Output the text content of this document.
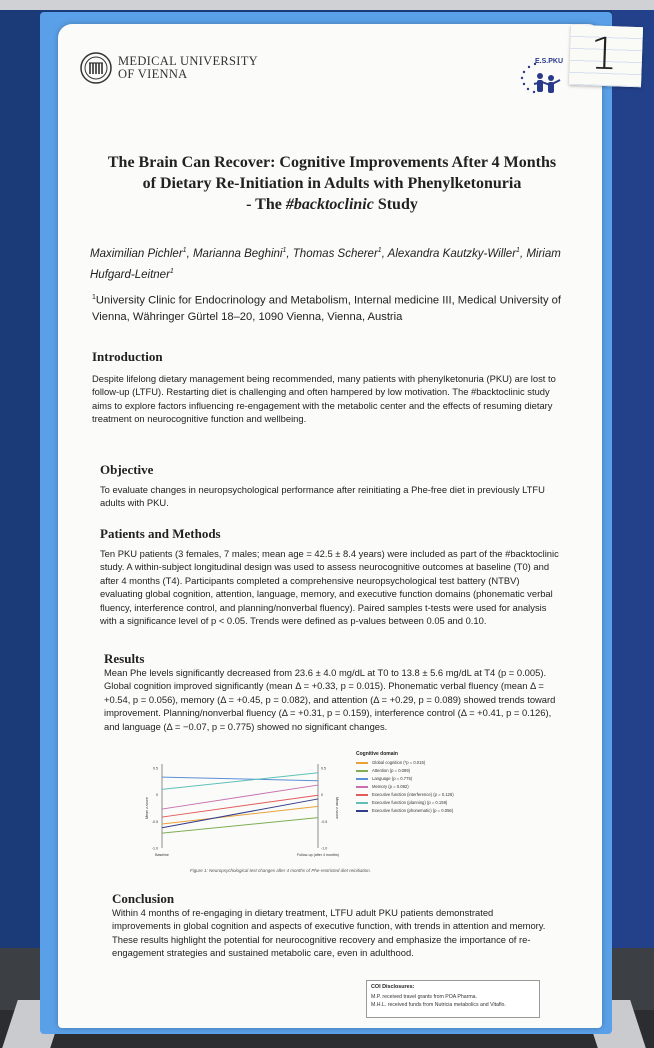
1
MEDICAL UNIVERSITY
OF VIENNA
E.S.PKU
The Brain Can Recover: Cognitive Improvements After 4 Months
of Dietary Re-Initiation in Adults with Phenylketonuria
- The #backtoclinic Study
Maximilian Pichler$^1$, Marianna Beghini$^1$, Thomas Scherer$^1$, Alexandra Kautzky-Willer$^1$, Miriam Hufgard-Leitner$^1$
$^1$University Clinic for Endocrinology and Metabolism, Internal medicine III, Medical University of Vienna, Währinger Gürtel 18–20, 1090 Vienna, Vienna, Austria
Introduction
Despite lifelong dietary management being recommended, many patients with phenylketonuria (PKU) are lost to follow-up (LTFU). Restarting diet is challenging and often hampered by low motivation. The #backtoclinic study aims to explore factors influencing re-engagement with the metabolic center and the effects of resuming dietary treatment on neurocognitive function and wellbeing.
Objective
To evaluate changes in neuropsychological performance after reinitiating a Phe-free diet in previously LTFU adults with PKU.
Patients and Methods
Ten PKU patients (3 females, 7 males; mean age = 42.5 ± 8.4 years) were included as part of the #backtoclinic study. A within-subject longitudinal design was used to assess neurocognitive outcomes at baseline (T0) and after 4 months (T4). Participants completed a comprehensive neuropsychological test battery (NTBV) evaluating global cognition, attention, language, memory, and executive function domains (phonematic verbal fluency, interference control, and planning/nonverbal fluency). Paired samples t-tests were used for analysis with a significance level of p < 0.05. Trends were defined as p-values between 0.05 and 0.10.
Results
Mean Phe levels significantly decreased from 23.6 ± 4.0 mg/dL at T0 to 13.8 ± 5.6 mg/dL at T4 (p = 0.005). Global cognition improved significantly (mean Δ = +0.33, p = 0.015). Phonematic verbal fluency (mean Δ = +0.54, p = 0.056), memory (Δ = +0.45, p = 0.082), and attention (Δ = +0.29, p = 0.089) showed trends toward improvement. Planning/nonverbal fluency (Δ = +0.31, p = 0.159), interference control (Δ = +0.41, p = 0.126), and language (Δ = −0.07, p = 0.775) showed no significant changes.
0.5	0.5
0	0
-0.5	-0.5
-1.0	-1.0
Mean z-score	Mean z-score
Baseline	Follow-up (after 4 months)
Cognitive domain
Global cognition (*p = 0.015)
Attention (p = 0.089)
Language (p = 0.775)
Memory (p = 0.082)
Executive function (interference) (p = 0.126)
Executive function (planning) (p = 0.159)
Executive function (phonematic) (p = 0.056)
Figure 1: Neuropsychological test changes after 4 months of Phe-restricted diet reinitiation.
Conclusion
Within 4 months of re-engaging in dietary treatment, LTFU adult PKU patients demonstrated improvements in global cognition and aspects of executive function, with trends in attention and memory. These results highlight the potential for neurocognitive recovery and emphasize the importance of re-engagement strategies and sustained metabolic care, even in adulthood.
COI Disclosures:
M.P. received travel grants from POA Pharma.
M.H.L. received funds from Nutricia metabolics and Vitaflo.
